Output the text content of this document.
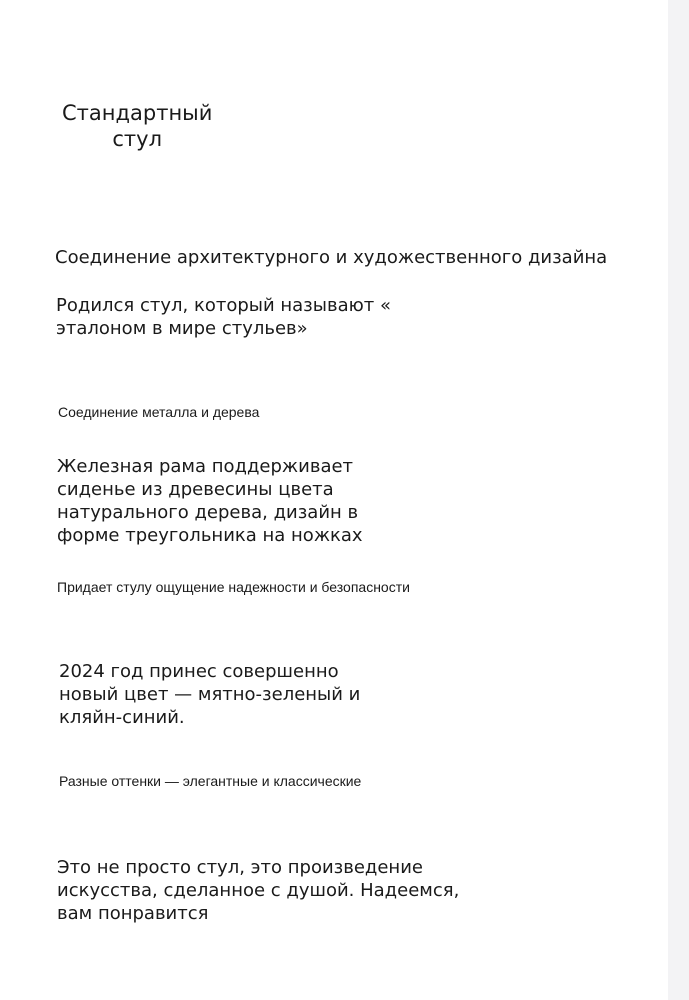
Стандартный
стул

Соединение архитектурного и художественного дизайна

Родился стул, который называют «
эталоном в мире стульев»

Соединение металла и дерева

Железная рама поддерживает
сиденье из древесины цвета
натурального дерева, дизайн в
форме треугольника на ножках

Придает стулу ощущение надежности и безопасности

2024 год принес совершенно
новый цвет — мятно-зеленый и
кляйн-синий.

Разные оттенки — элегантные и классические

Это не просто стул, это произведение
искусства, сделанное с душой. Надеемся,
вам понравится
